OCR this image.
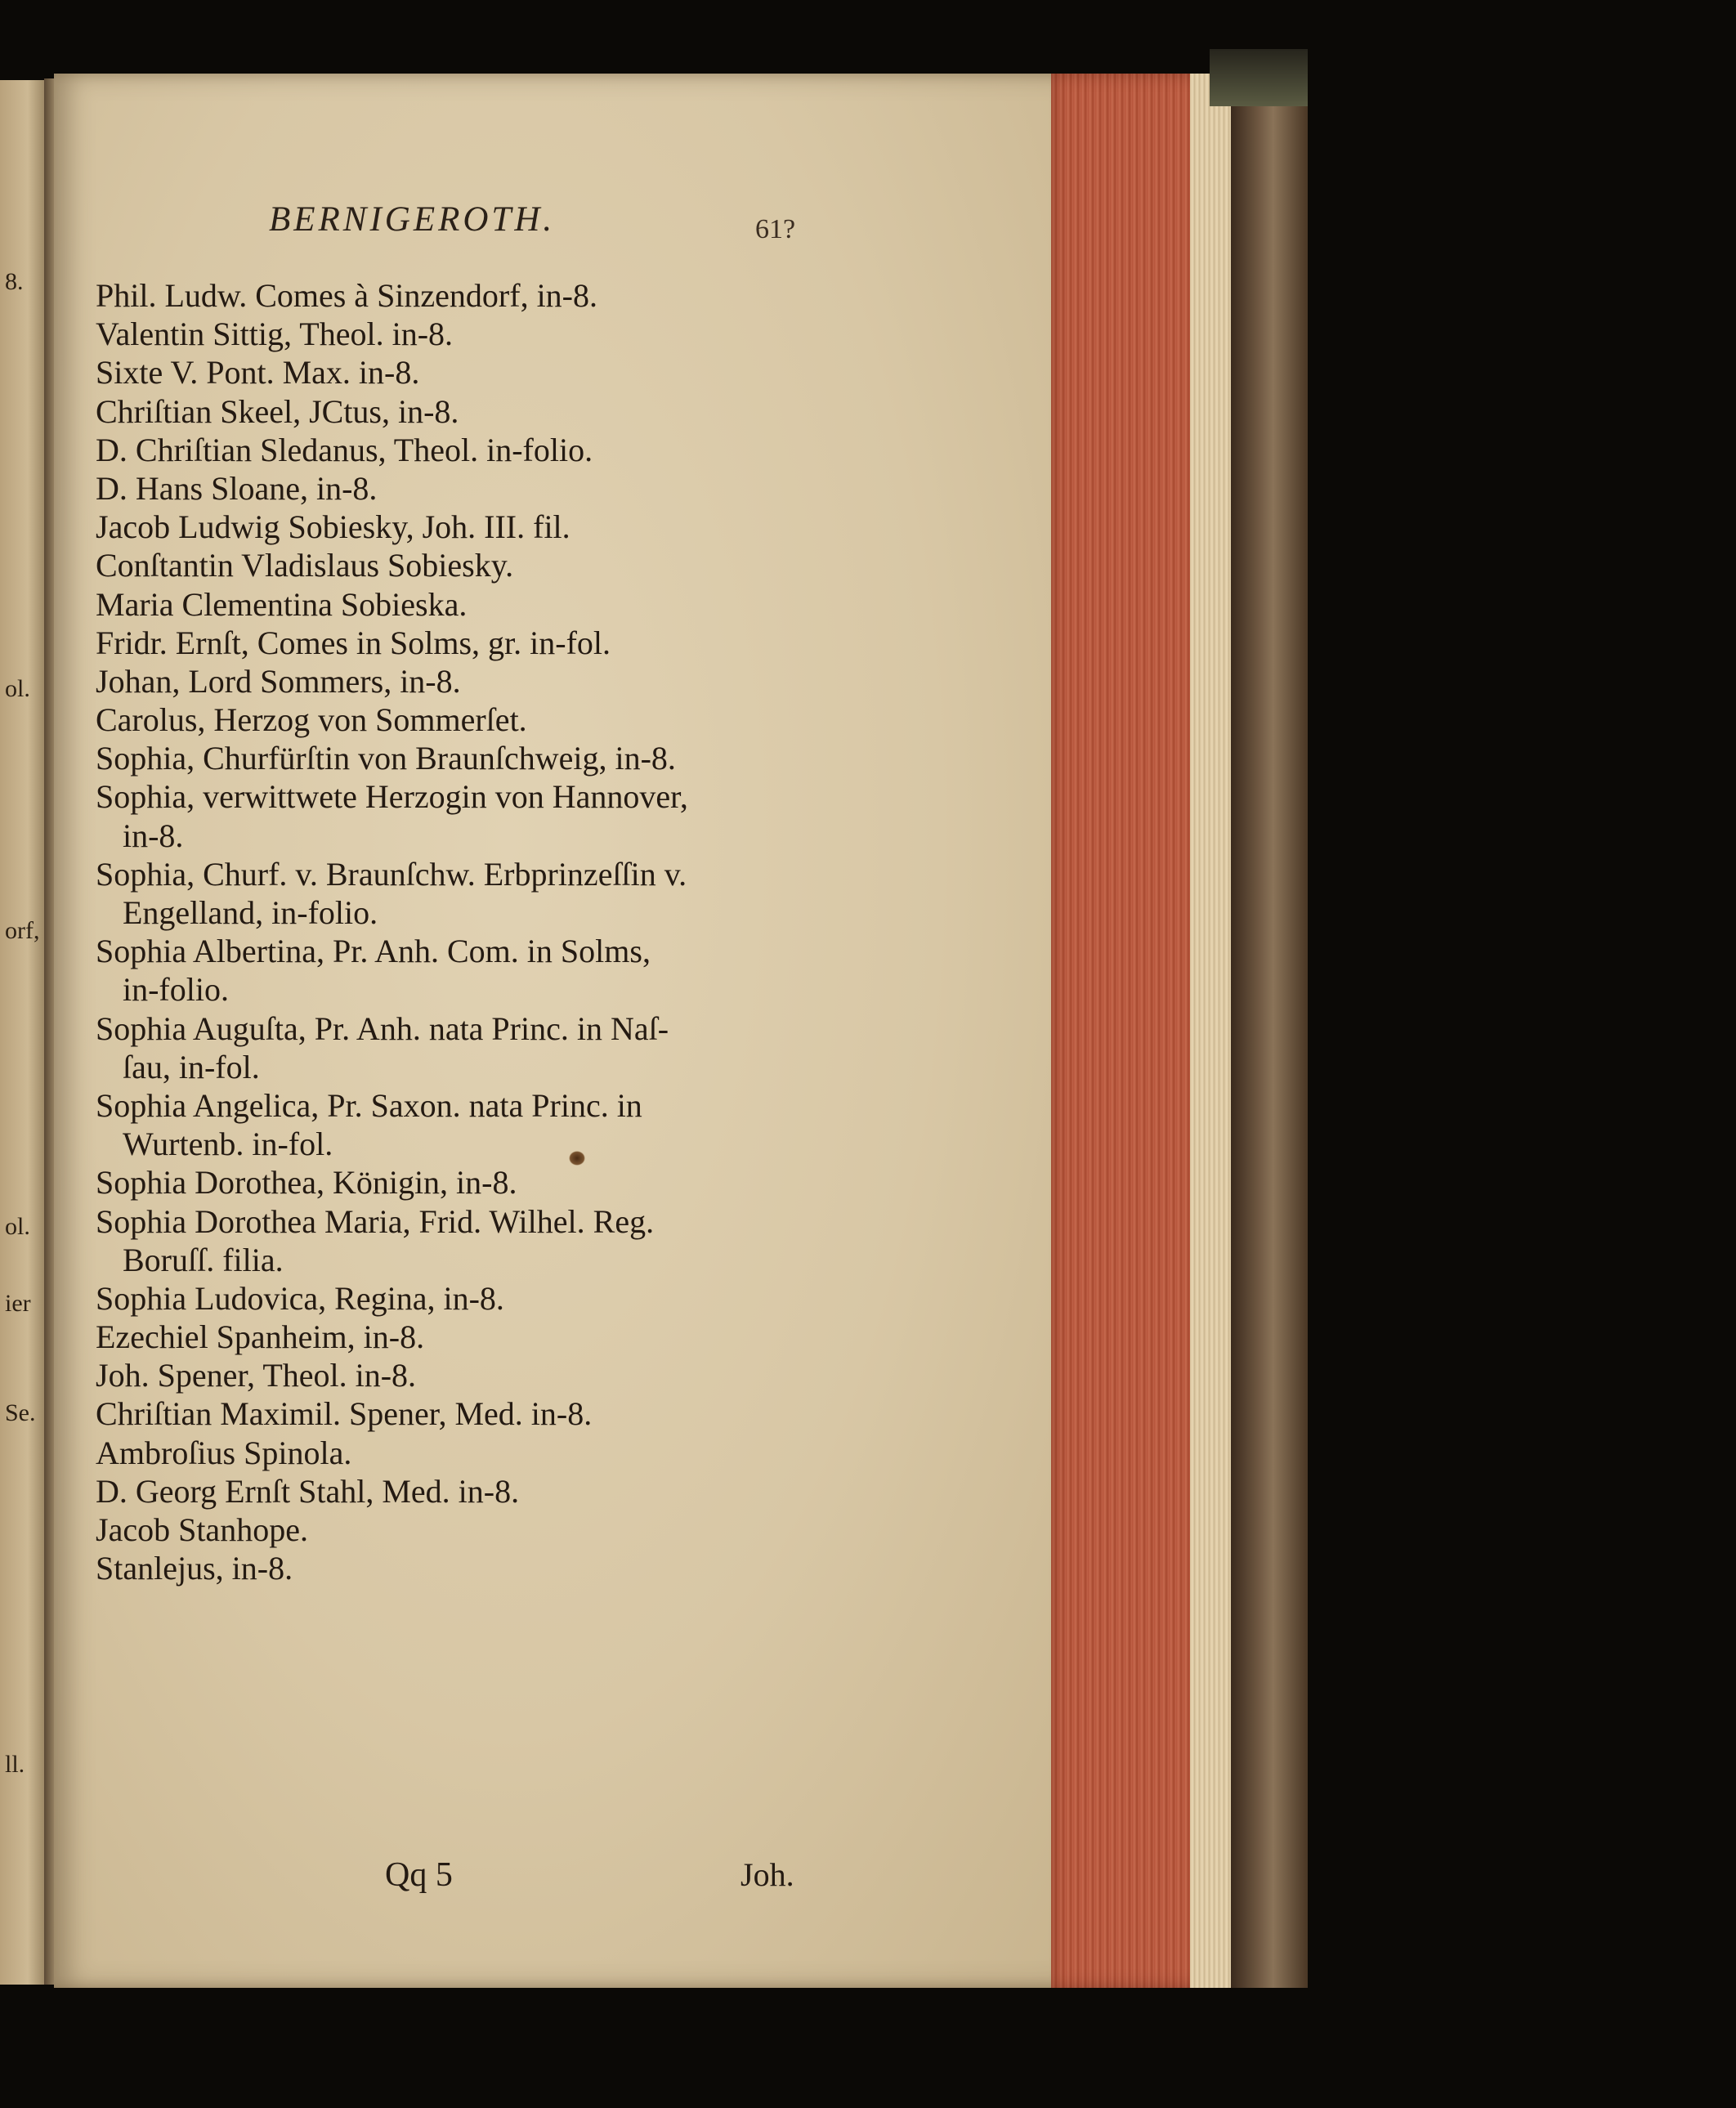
8.
ol.
orf,
ol.
ier
Se.
ll.
BERNIGEROTH.	61?
Phil. Ludw. Comes à Sinzendorf, in-8.
Valentin Sittig, Theol. in-8.
Sixte V. Pont. Max. in-8.
Chriſtian Skeel, JCtus, in-8.
D. Chriſtian Sledanus, Theol. in-folio.
D. Hans Sloane, in-8.
Jacob Ludwig Sobiesky, Joh. III. fil.
Conſtantin Vladislaus Sobiesky.
Maria Clementina Sobieska.
Fridr. Ernſt, Comes in Solms, gr. in-fol.
Johan, Lord Sommers, in-8.
Carolus, Herzog von Sommerſet.
Sophia, Churfürſtin von Braunſchweig, in-8.
Sophia, verwittwete Herzogin von Hannover,
in-8.
Sophia, Churf. v. Braunſchw. Erbprinzeſſin v.
Engelland, in-folio.
Sophia Albertina, Pr. Anh. Com. in Solms,
in-folio.
Sophia Auguſta, Pr. Anh. nata Princ. in Naſ-
ſau, in-fol.
Sophia Angelica, Pr. Saxon. nata Princ. in
Wurtenb. in-fol.
Sophia Dorothea, Königin, in-8.
Sophia Dorothea Maria, Frid. Wilhel. Reg.
Boruſſ. filia.
Sophia Ludovica, Regina, in-8.
Ezechiel Spanheim, in-8.
Joh. Spener, Theol. in-8.
Chriſtian Maximil. Spener, Med. in-8.
Ambroſius Spinola.
D. Georg Ernſt Stahl, Med. in-8.
Jacob Stanhope.
Stanlejus, in-8.
Qq 5	Joh.
